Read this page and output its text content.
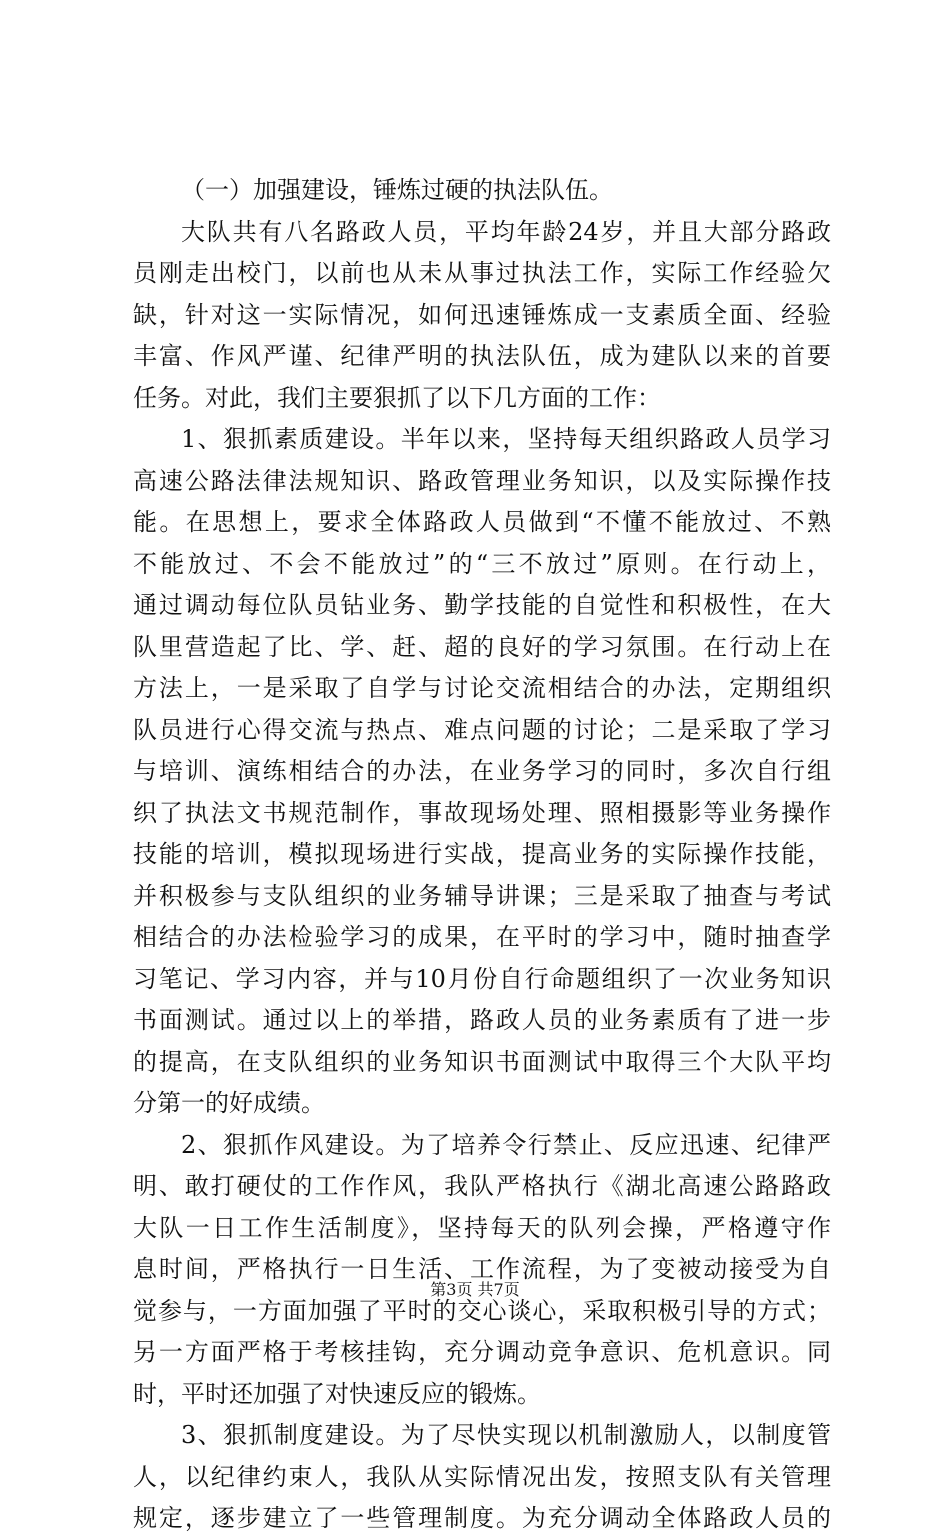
（一）加强建设，锤炼过硬的执法队伍。
大队共有八名路政人员，平均年龄24岁，并且大部分路政
员刚走出校门，以前也从未从事过执法工作，实际工作经验欠
缺，针对这一实际情况，如何迅速锤炼成一支素质全面、经验
丰富、作风严谨、纪律严明的执法队伍，成为建队以来的首要
任务。对此，我们主要狠抓了以下几方面的工作：
1、狠抓素质建设。半年以来，坚持每天组织路政人员学习
高速公路法律法规知识、路政管理业务知识，以及实际操作技
能。在思想上，要求全体路政人员做到“不懂不能放过、不熟
不能放过、不会不能放过”的“三不放过”原则。在行动上，
通过调动每位队员钻业务、勤学技能的自觉性和积极性，在大
队里营造起了比、学、赶、超的良好的学习氛围。在行动上在
方法上，一是采取了自学与讨论交流相结合的办法，定期组织
队员进行心得交流与热点、难点问题的讨论；二是采取了学习
与培训、演练相结合的办法，在业务学习的同时，多次自行组
织了执法文书规范制作，事故现场处理、照相摄影等业务操作
技能的培训，模拟现场进行实战，提高业务的实际操作技能，
并积极参与支队组织的业务辅导讲课；三是采取了抽查与考试
相结合的办法检验学习的成果，在平时的学习中，随时抽查学
习笔记、学习内容，并与10月份自行命题组织了一次业务知识
书面测试。通过以上的举措，路政人员的业务素质有了进一步
的提高，在支队组织的业务知识书面测试中取得三个大队平均
分第一的好成绩。
2、狠抓作风建设。为了培养令行禁止、反应迅速、纪律严
明、敢打硬仗的工作作风，我队严格执行《湖北高速公路路政
大队一日工作生活制度》，坚持每天的队列会操，严格遵守作
息时间，严格执行一日生活、工作流程，为了变被动接受为自
觉参与，一方面加强了平时的交心谈心，采取积极引导的方式；
另一方面严格于考核挂钩，充分调动竞争意识、危机意识。同
时，平时还加强了对快速反应的锻炼。
3、狠抓制度建设。为了尽快实现以机制激励人，以制度管
人，以纪律约束人，我队从实际情况出发，按照支队有关管理
规定，逐步建立了一些管理制度。为充分调动全体路政人员的
第3页 共7页
